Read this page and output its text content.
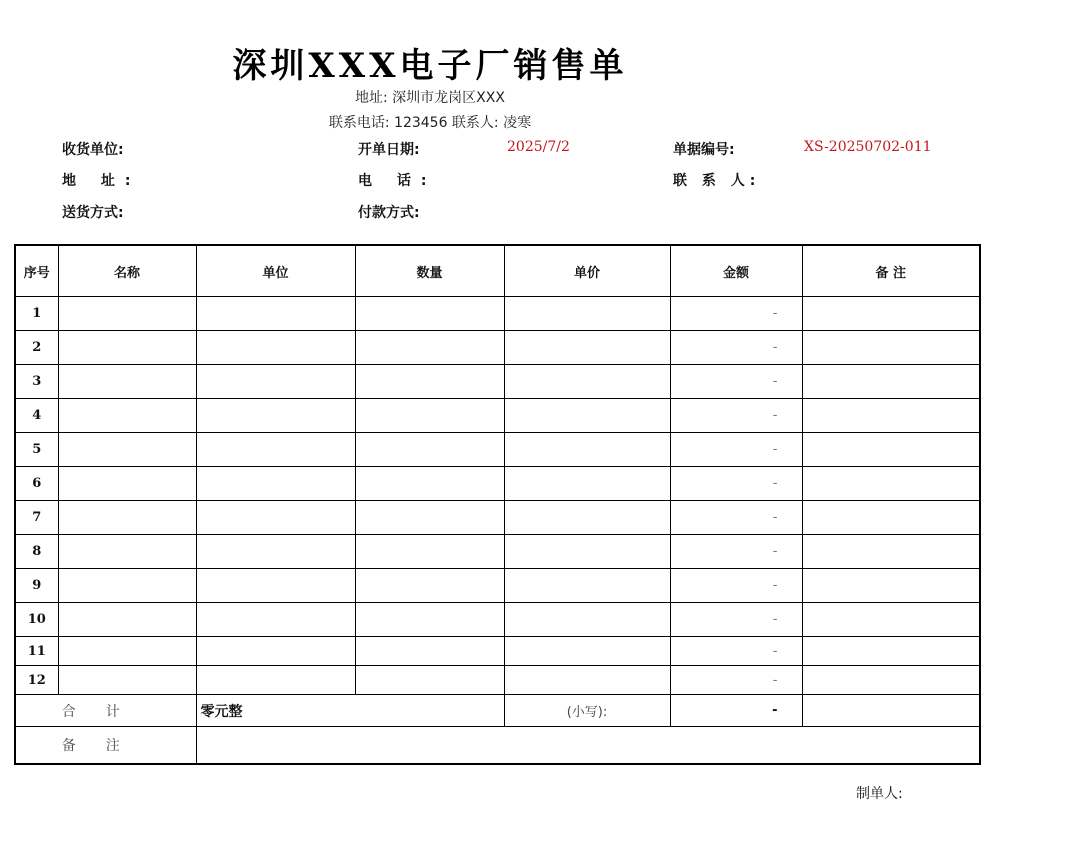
深圳XXX电子厂销售单
地址: 深圳市龙岗区XXX
联系电话: 123456 联系人: 凌寒
收货单位:
地 址:
送货方式:
开单日期:	2025/7/2
电 话:
付款方式:
单据编号:	XS-20250702-011
联 系 人:
序号	名称	单位	数量	单价	金额	备 注
1					-	
2					-	
3					-	
4					-	
5					-	
6					-	
7					-	
8					-	
9					-	
10					-	
11					-	
12					-	
合计		零元整		(小写):	-	
备注						
制单人:
